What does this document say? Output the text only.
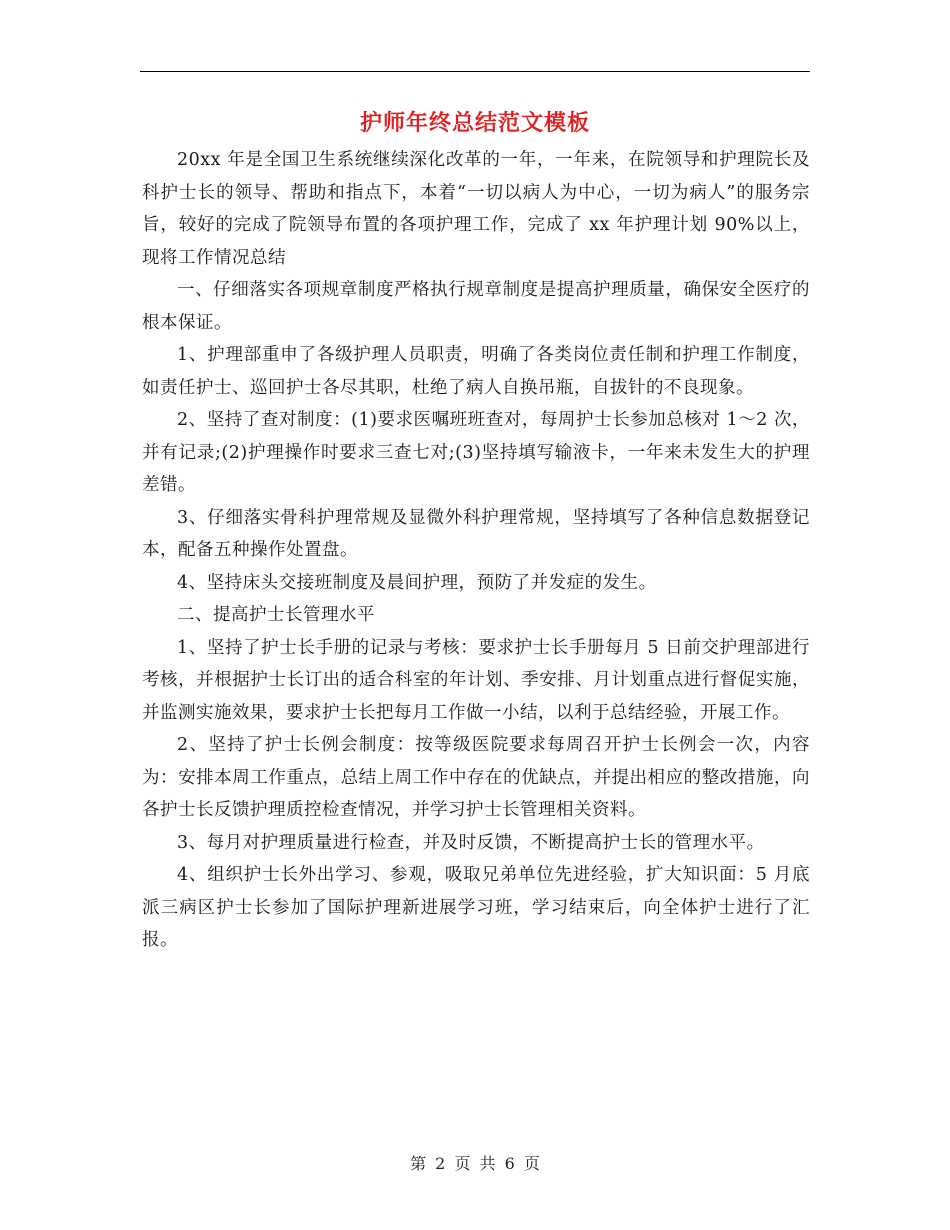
护师年终总结范文模板

20xx 年是全国卫生系统继续深化改革的一年，一年来，在院领导和护理院长及科护士长的领导、帮助和指点下，本着“一切以病人为中心，一切为病人”的服务宗旨，较好的完成了院领导布置的各项护理工作，完成了 xx 年护理计划 90%以上，现将工作情况总结

一、仔细落实各项规章制度严格执行规章制度是提高护理质量，确保安全医疗的根本保证。

1、护理部重申了各级护理人员职责，明确了各类岗位责任制和护理工作制度，如责任护士、巡回护士各尽其职，杜绝了病人自换吊瓶，自拔针的不良现象。

2、坚持了查对制度：(1)要求医嘱班班查对，每周护士长参加总核对 1～2 次，并有记录;(2)护理操作时要求三查七对;(3)坚持填写输液卡，一年来未发生大的护理差错。

3、仔细落实骨科护理常规及显微外科护理常规，坚持填写了各种信息数据登记本，配备五种操作处置盘。

4、坚持床头交接班制度及晨间护理，预防了并发症的发生。

二、提高护士长管理水平

1、坚持了护士长手册的记录与考核：要求护士长手册每月 5 日前交护理部进行考核，并根据护士长订出的适合科室的年计划、季安排、月计划重点进行督促实施，并监测实施效果，要求护士长把每月工作做一小结，以利于总结经验，开展工作。

2、坚持了护士长例会制度：按等级医院要求每周召开护士长例会一次，内容为：安排本周工作重点，总结上周工作中存在的优缺点，并提出相应的整改措施，向各护士长反馈护理质控检查情况，并学习护士长管理相关资料。

3、每月对护理质量进行检查，并及时反馈，不断提高护士长的管理水平。

4、组织护士长外出学习、参观，吸取兄弟单位先进经验，扩大知识面：5 月底派三病区护士长参加了国际护理新进展学习班，学习结束后，向全体护士进行了汇报。

第 2 页 共 6 页
